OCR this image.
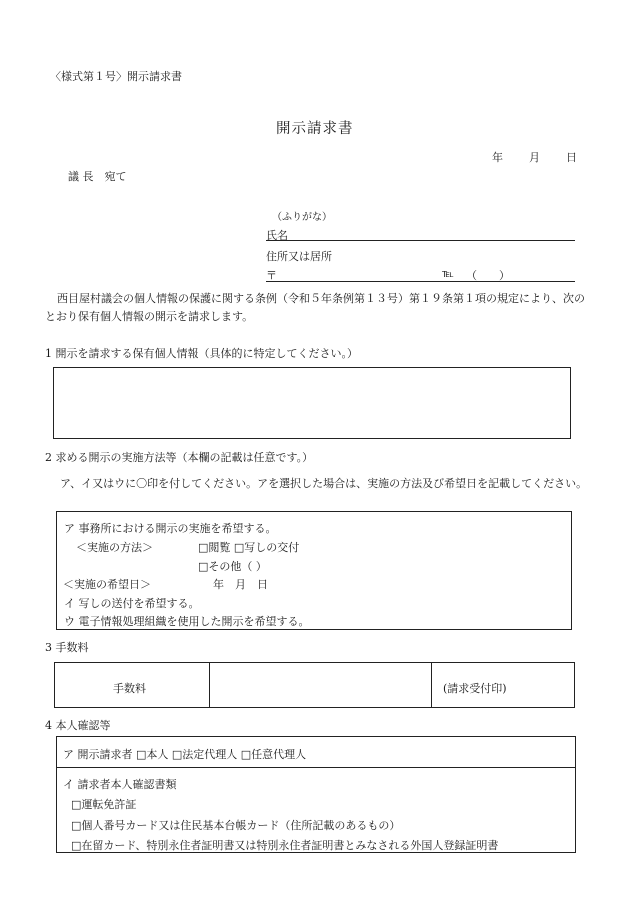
〈様式第１号〉開示請求書
開示請求書
年 月 日
議 長　宛て
（ふりがな）
氏名
住所又は居所
〒	℡ （　　）
西目屋村議会の個人情報の保護に関する条例（令和５年条例第１３号）第１９条第１項の規定により、次のとおり保有個人情報の開示を請求します。
1 開示を請求する保有個人情報（具体的に特定してください。）
2 求める開示の実施方法等（本欄の記載は任意です。）
ア、イ又はウに〇印を付してください。アを選択した場合は、実施の方法及び希望日を記載してください。
ア 事務所における開示の実施を希望する。
＜実施の方法＞	□閲覧 □写しの交付
□その他（ ）
＜実施の希望日＞	年　月　日
イ 写しの送付を希望する。
ウ 電子情報処理組織を使用した開示を希望する。
3 手数料
手数料	(請求受付印)
4 本人確認等
ア 開示請求者 □本人 □法定代理人 □任意代理人
イ 請求者本人確認書類
□運転免許証
□個人番号カード又は住民基本台帳カード（住所記載のあるもの）
□在留カード、特別永住者証明書又は特別永住者証明書とみなされる外国人登録証明書
